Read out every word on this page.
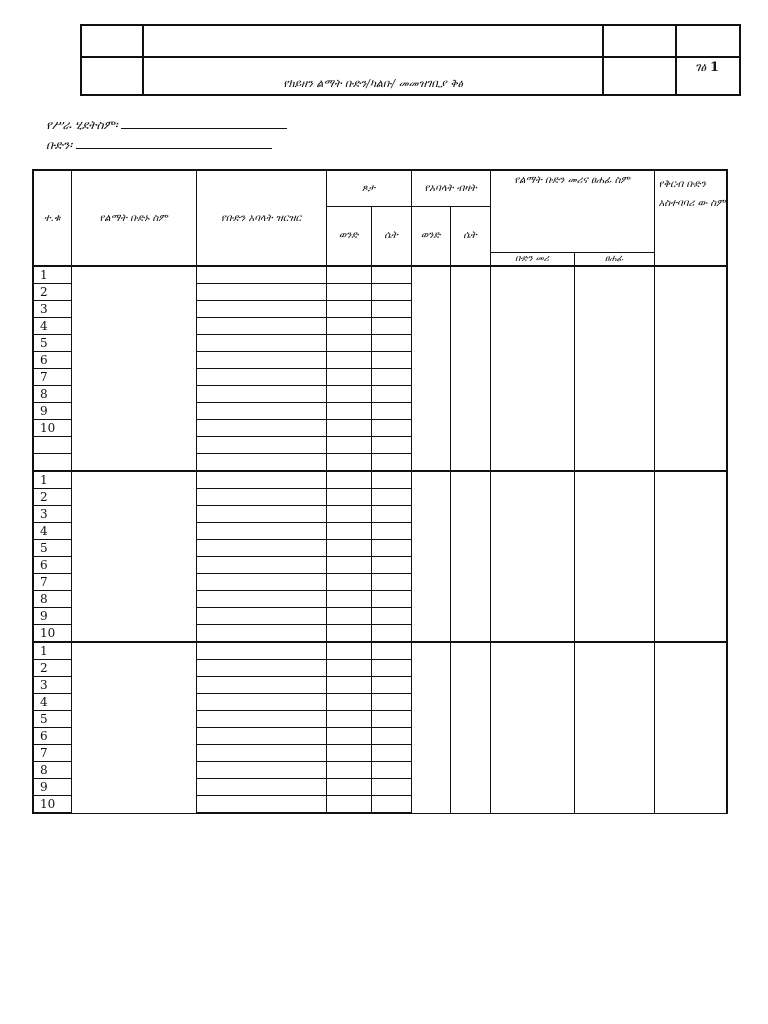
	የክይዘን ልማት ቡድን/ካልቡ/ መመዝገቢያ ቅፅ		ገፅ 1
የሥራ ሂደትስም፡
ቡድን፡
ተ.ቁ	የልማት ቡድኑ ስም	የቡድን አባላት ዝርዝር	ጾታ		የአባላት ብዛት		የልማት ቡድን መሪና ፀሐፊ ስም		የቅርብ ቡድን አስተባባሪ ው ስም
			ወንድ	ሴት	ወንድ	ሴት			
							ቡድን መሪ	ፀሐፊ	
1									
2									
3									
4									
5									
6									
7									
8									
9									
10									

1									
2									
3									
4									
5									
6									
7									
8									
9									
10									
1									
2									
3									
4									
5									
6									
7									
8									
9									
10									
